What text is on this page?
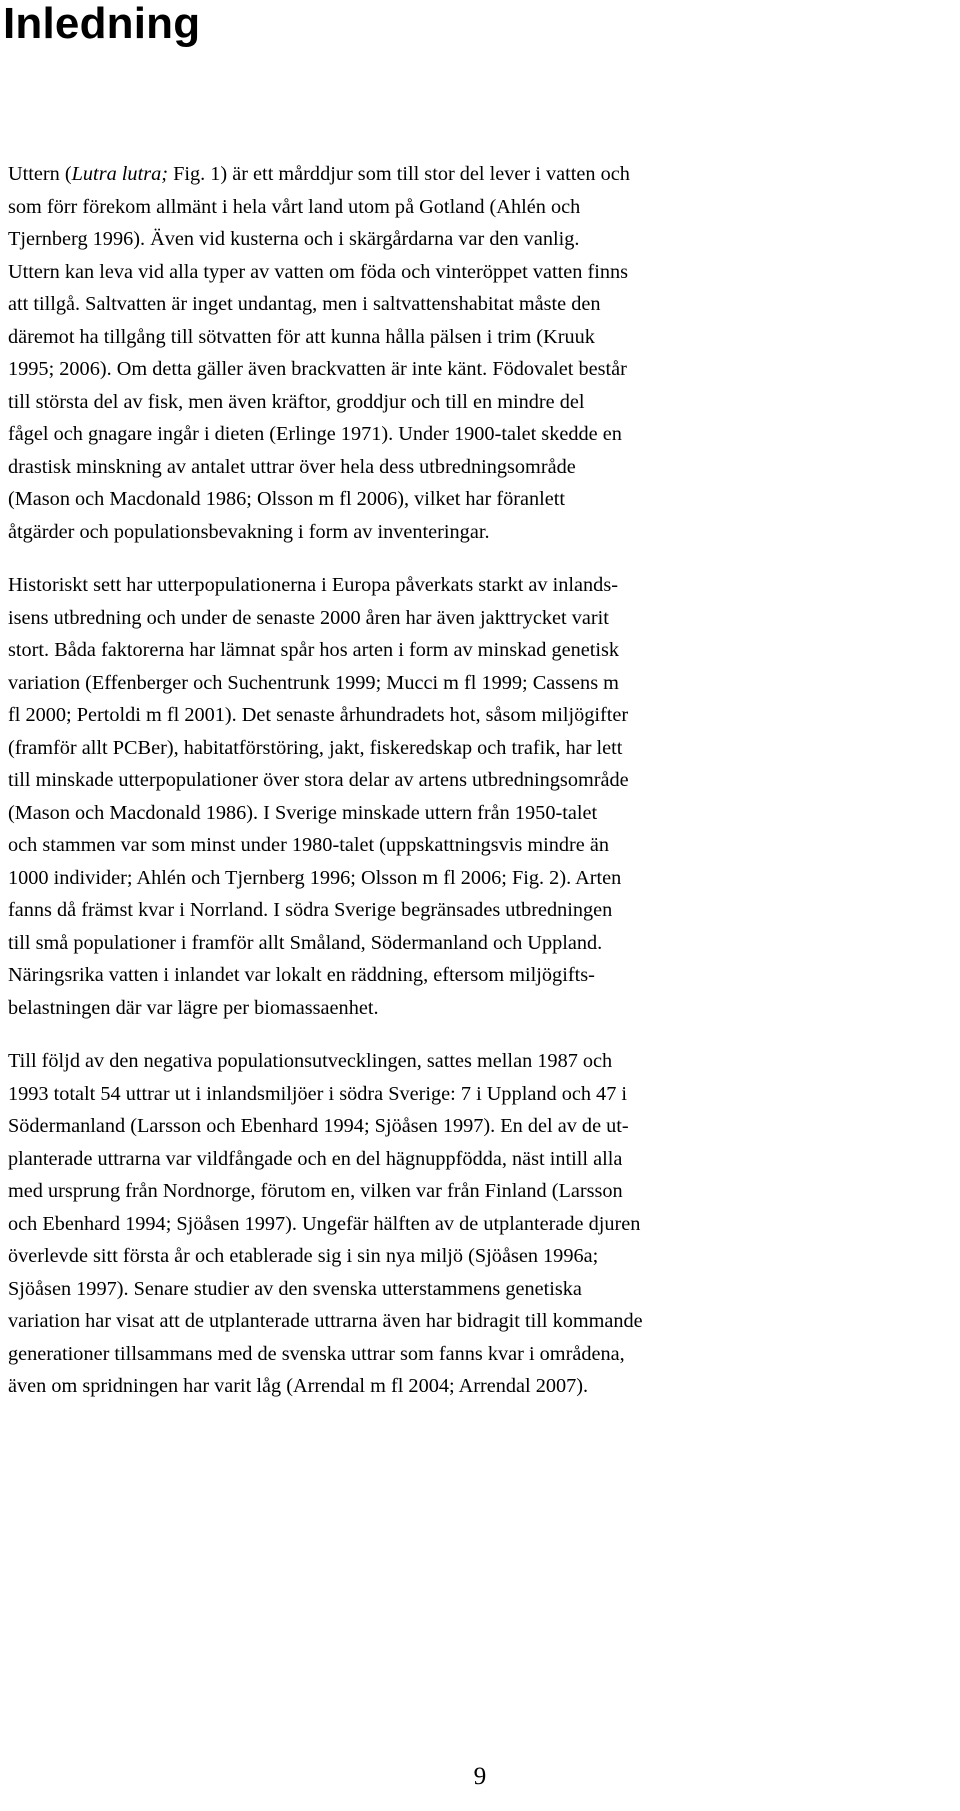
Inledning

Uttern (Lutra lutra; Fig. 1) är ett mårddjur som till stor del lever i vatten och
som förr förekom allmänt i hela vårt land utom på Gotland (Ahlén och
Tjernberg 1996). Även vid kusterna och i skärgårdarna var den vanlig.
Uttern kan leva vid alla typer av vatten om föda och vinteröppet vatten finns
att tillgå. Saltvatten är inget undantag, men i saltvattenshabitat måste den
däremot ha tillgång till sötvatten för att kunna hålla pälsen i trim (Kruuk
1995; 2006). Om detta gäller även brackvatten är inte känt. Födovalet består
till största del av fisk, men även kräftor, groddjur och till en mindre del
fågel och gnagare ingår i dieten (Erlinge 1971). Under 1900-talet skedde en
drastisk minskning av antalet uttrar över hela dess utbredningsområde
(Mason och Macdonald 1986; Olsson m fl 2006), vilket har föranlett
åtgärder och populationsbevakning i form av inventeringar.

Historiskt sett har utterpopulationerna i Europa påverkats starkt av inlands-
isens utbredning och under de senaste 2000 åren har även jakttrycket varit
stort. Båda faktorerna har lämnat spår hos arten i form av minskad genetisk
variation (Effenberger och Suchentrunk 1999; Mucci m fl 1999; Cassens m
fl 2000; Pertoldi m fl 2001). Det senaste århundradets hot, såsom miljögifter
(framför allt PCBer), habitatförstöring, jakt, fiskeredskap och trafik, har lett
till minskade utterpopulationer över stora delar av artens utbredningsområde
(Mason och Macdonald 1986). I Sverige minskade uttern från 1950-talet
och stammen var som minst under 1980-talet (uppskattningsvis mindre än
1000 individer; Ahlén och Tjernberg 1996; Olsson m fl 2006; Fig. 2). Arten
fanns då främst kvar i Norrland. I södra Sverige begränsades utbredningen
till små populationer i framför allt Småland, Södermanland och Uppland.
Näringsrika vatten i inlandet var lokalt en räddning, eftersom miljögifts-
belastningen där var lägre per biomassaenhet.

Till följd av den negativa populationsutvecklingen, sattes mellan 1987 och
1993 totalt 54 uttrar ut i inlandsmiljöer i södra Sverige: 7 i Uppland och 47 i
Södermanland (Larsson och Ebenhard 1994; Sjöåsen 1997). En del av de ut-
planterade uttrarna var vildfångade och en del hägnuppfödda, näst intill alla
med ursprung från Nordnorge, förutom en, vilken var från Finland (Larsson
och Ebenhard 1994; Sjöåsen 1997). Ungefär hälften av de utplanterade djuren
överlevde sitt första år och etablerade sig i sin nya miljö (Sjöåsen 1996a;
Sjöåsen 1997). Senare studier av den svenska utterstammens genetiska
variation har visat att de utplanterade uttrarna även har bidragit till kommande
generationer tillsammans med de svenska uttrar som fanns kvar i områdena,
även om spridningen har varit låg (Arrendal m fl 2004; Arrendal 2007).

9
